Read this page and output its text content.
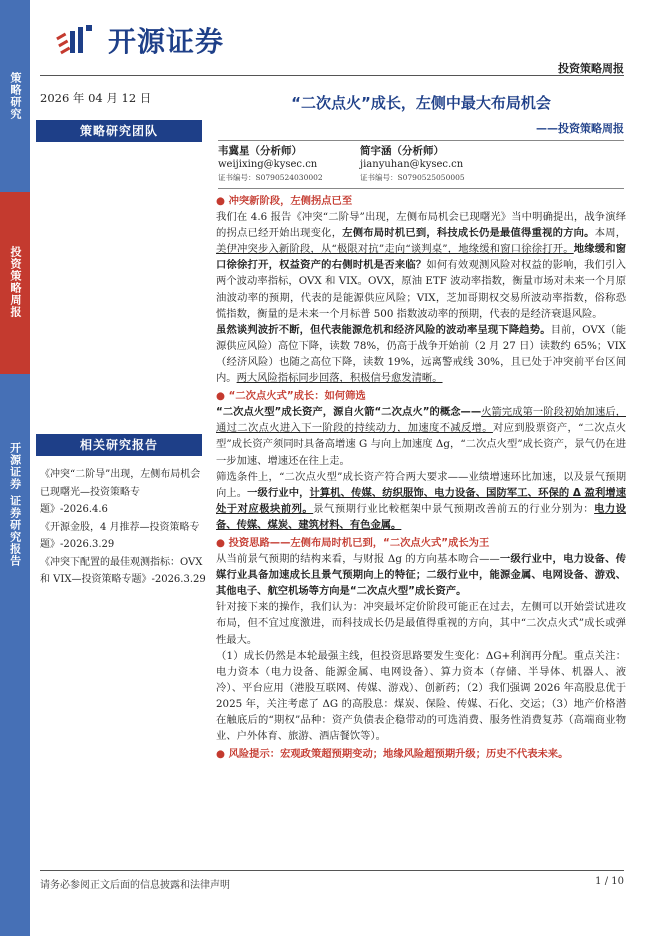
策略研究
投资策略周报
开源证券 证券研究报告
开源证券
投资策略周报
2026 年 04 月 12 日
策略研究团队
相关研究报告
《冲突“二阶导”出现，左侧布局机会已现曙光—投资策略专题》-2026.4.6
《开源金股，4 月推荐—投资策略专题》-2026.3.29
《冲突下配置的最佳观测指标：OVX 和 VIX—投资策略专题》-2026.3.29
“二次点火”成长，左侧中最大布局机会
——投资策略周报
韦冀星（分析师）
weijixing@kysec.cn
证书编号：S0790524030002
简宇涵（分析师）
jianyuhan@kysec.cn
证书编号：S0790525050005

● 冲突新阶段，左侧拐点已至

我们在 4.6 报告《冲突“二阶导”出现，左侧布局机会已现曙光》当中明确提出，战争演绎的拐点已经开始出现变化，左侧布局时机已到，科技成长仍是最值得重视的方向。本周，美伊冲突步入新阶段，从“极限对抗”走向“谈判桌”，地缘缓和窗口徐徐打开。地缘缓和窗口徐徐打开，权益资产的右侧时机是否来临？如何有效观测风险对权益的影响，我们引入两个波动率指标，OVX 和 VIX。OVX，原油 ETF 波动率指数，衡量市场对未来一个月原油波动率的预期，代表的是能源供应风险；VIX，芝加哥期权交易所波动率指数，俗称恐慌指数，衡量的是未来一个月标普 500 指数波动率的预期，代表的是经济衰退风险。

虽然谈判波折不断，但代表能源危机和经济风险的波动率呈现下降趋势。目前，OVX（能源供应风险）高位下降，读数 78%，仍高于战争开始前（2 月 27 日）读数约 65%；VIX（经济风险）也随之高位下降，读数 19%，远离警戒线 30%，且已处于冲突前平台区间内。两大风险指标同步回落，积极信号愈发清晰。

● “二次点火式”成长：如何筛选

“二次点火型”成长资产，源自火箭“二次点火”的概念——火箭完成第一阶段初始加速后，通过二次点火进入下一阶段的持续动力，加速度不减反增。对应到股票资产，“二次点火型”成长资产须同时具备高增速 G 与向上加速度 Δg，“二次点火型”成长资产，景气仍在进一步加速、增速还在往上走。

筛选条件上，“二次点火型”成长资产符合两大要求——业绩增速环比加速，以及景气预期向上。一级行业中，计算机、传媒、纺织服饰、电力设备、国防军工、环保的 Δ 盈利增速处于对应极块前列。景气预期行业比較框架中景气预期改善前五的行业分别为：电力设备、传媒、煤炭、建筑材料、有色金属。

● 投资思路——左侧布局时机已到，“二次点火式”成长为王

从当前景气预期的结构来看，与财报 Δg 的方向基本吻合——一级行业中，电力设备、传媒行业具备加速成长且景气预期向上的特征；二级行业中，能源金属、电网设备、游戏、其他电子、航空机场等方向是“二次点火型”成长资产。

针对接下来的操作，我们认为：冲突最坏定价阶段可能正在过去，左侧可以开始尝试进攻布局，但不宜过度激进，而科技成长仍是最值得重视的方向，其中“二次点火式”成长或弹性最大。

（1）成长仍然是本轮最强主线，但投资思路要发生变化：ΔG+利润再分配。重点关注：电力资本（电力设备、能源金属、电网设备）、算力资本（存储、半导体、机器人、液冷）、平台应用（港股互联网、传媒、游戏）、创新药；（2）我们强调 2026 年高股息优于 2025 年，关注考虑了 ΔG 的高股息：煤炭、保险、传媒、石化、交运；（3）地产价格潜在触底后的“期权”品种：资产负债表企稳带动的可选消费、服务性消费复苏（高端商业物业、户外体育、旅游、酒店餐饮等）。

● 风险提示：宏观政策超预期变动；地缘风险超预期升级；历史不代表未来。

请务必参阅正文后面的信息披露和法律声明	1 / 10
